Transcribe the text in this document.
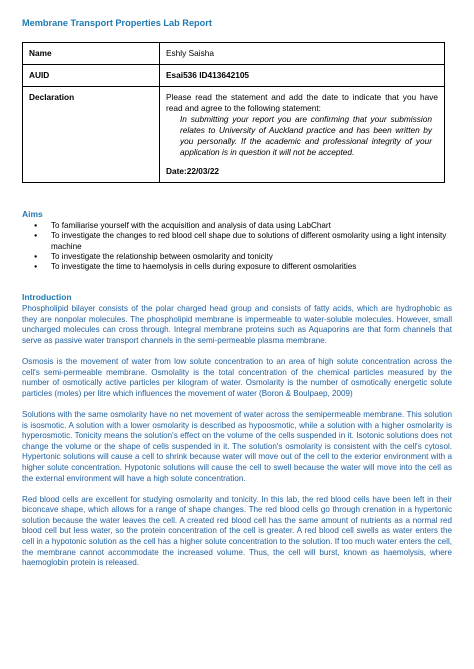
Membrane Transport Properties Lab Report
Name	Eshly Saisha
AUID	Esai536 ID413642105
Declaration	Please read the statement and add the date to indicate that you have read and agree to the following statement:
In submitting your report you are confirming that your submission relates to University of Auckland practice and has been written by you personally. If the academic and professional integrity of your application is in question it will not be accepted.
Date:22/03/22
Aims
● To familiarise yourself with the acquisition and analysis of data using LabChart
● To investigate the changes to red blood cell shape due to solutions of different osmolarity using a light intensity machine
● To investigate the relationship between osmolarity and tonicity
● To investigate the time to haemolysis in cells during exposure to different osmolarities
Introduction

Phospholipid bilayer consists of the polar charged head group and consists of fatty acids, which are hydrophobic as they are nonpolar molecules. The phospholipid membrane is impermeable to water-soluble molecules. However, small uncharged molecules can cross through. Integral membrane proteins such as Aquaporins are that form channels that serve as passive water transport channels in the semi-permeable plasma membrane.

Osmosis is the movement of water from low solute concentration to an area of high solute concentration across the cell's semi-permeable membrane. Osmolality is the total concentration of the chemical particles measured by the number of osmotically active particles per kilogram of water. Osmolarity is the number of osmotically energetic solute particles (moles) per litre which influences the movement of water (Boron & Boulpaep, 2009)

Solutions with the same osmolarity have no net movement of water across the semipermeable membrane. This solution is isosmotic. A solution with a lower osmolarity is described as hypoosmotic, while a solution with a higher osmolarity is hyperosmotic. Tonicity means the solution's effect on the volume of the cells suspended in it. Isotonic solutions does not change the volume or the shape of cells suspended in it. The solution's osmolarity is consistent with the cell's cytosol. Hypertonic solutions will cause a cell to shrink because water will move out of the cell to the exterior environment with a higher solute concentration. Hypotonic solutions will cause the cell to swell because the water will move into the cell as the external environment will have a high solute concentration.

Red blood cells are excellent for studying osmolarity and tonicity. In this lab, the red blood cells have been left in their biconcave shape, which allows for a range of shape changes. The red blood cells go through crenation in a hypertonic solution because the water leaves the cell. A created red blood cell has the same amount of nutrients as a normal red blood cell but less water, so the protein concentration of the cell is greater. A red blood cell swells as water enters the cell in a hypotonic solution as the cell has a higher solute concentration to the solution. If too much water enters the cell, the membrane cannot accommodate the increased volume. Thus, the cell will burst, known as haemolysis, where haemoglobin protein is released.
